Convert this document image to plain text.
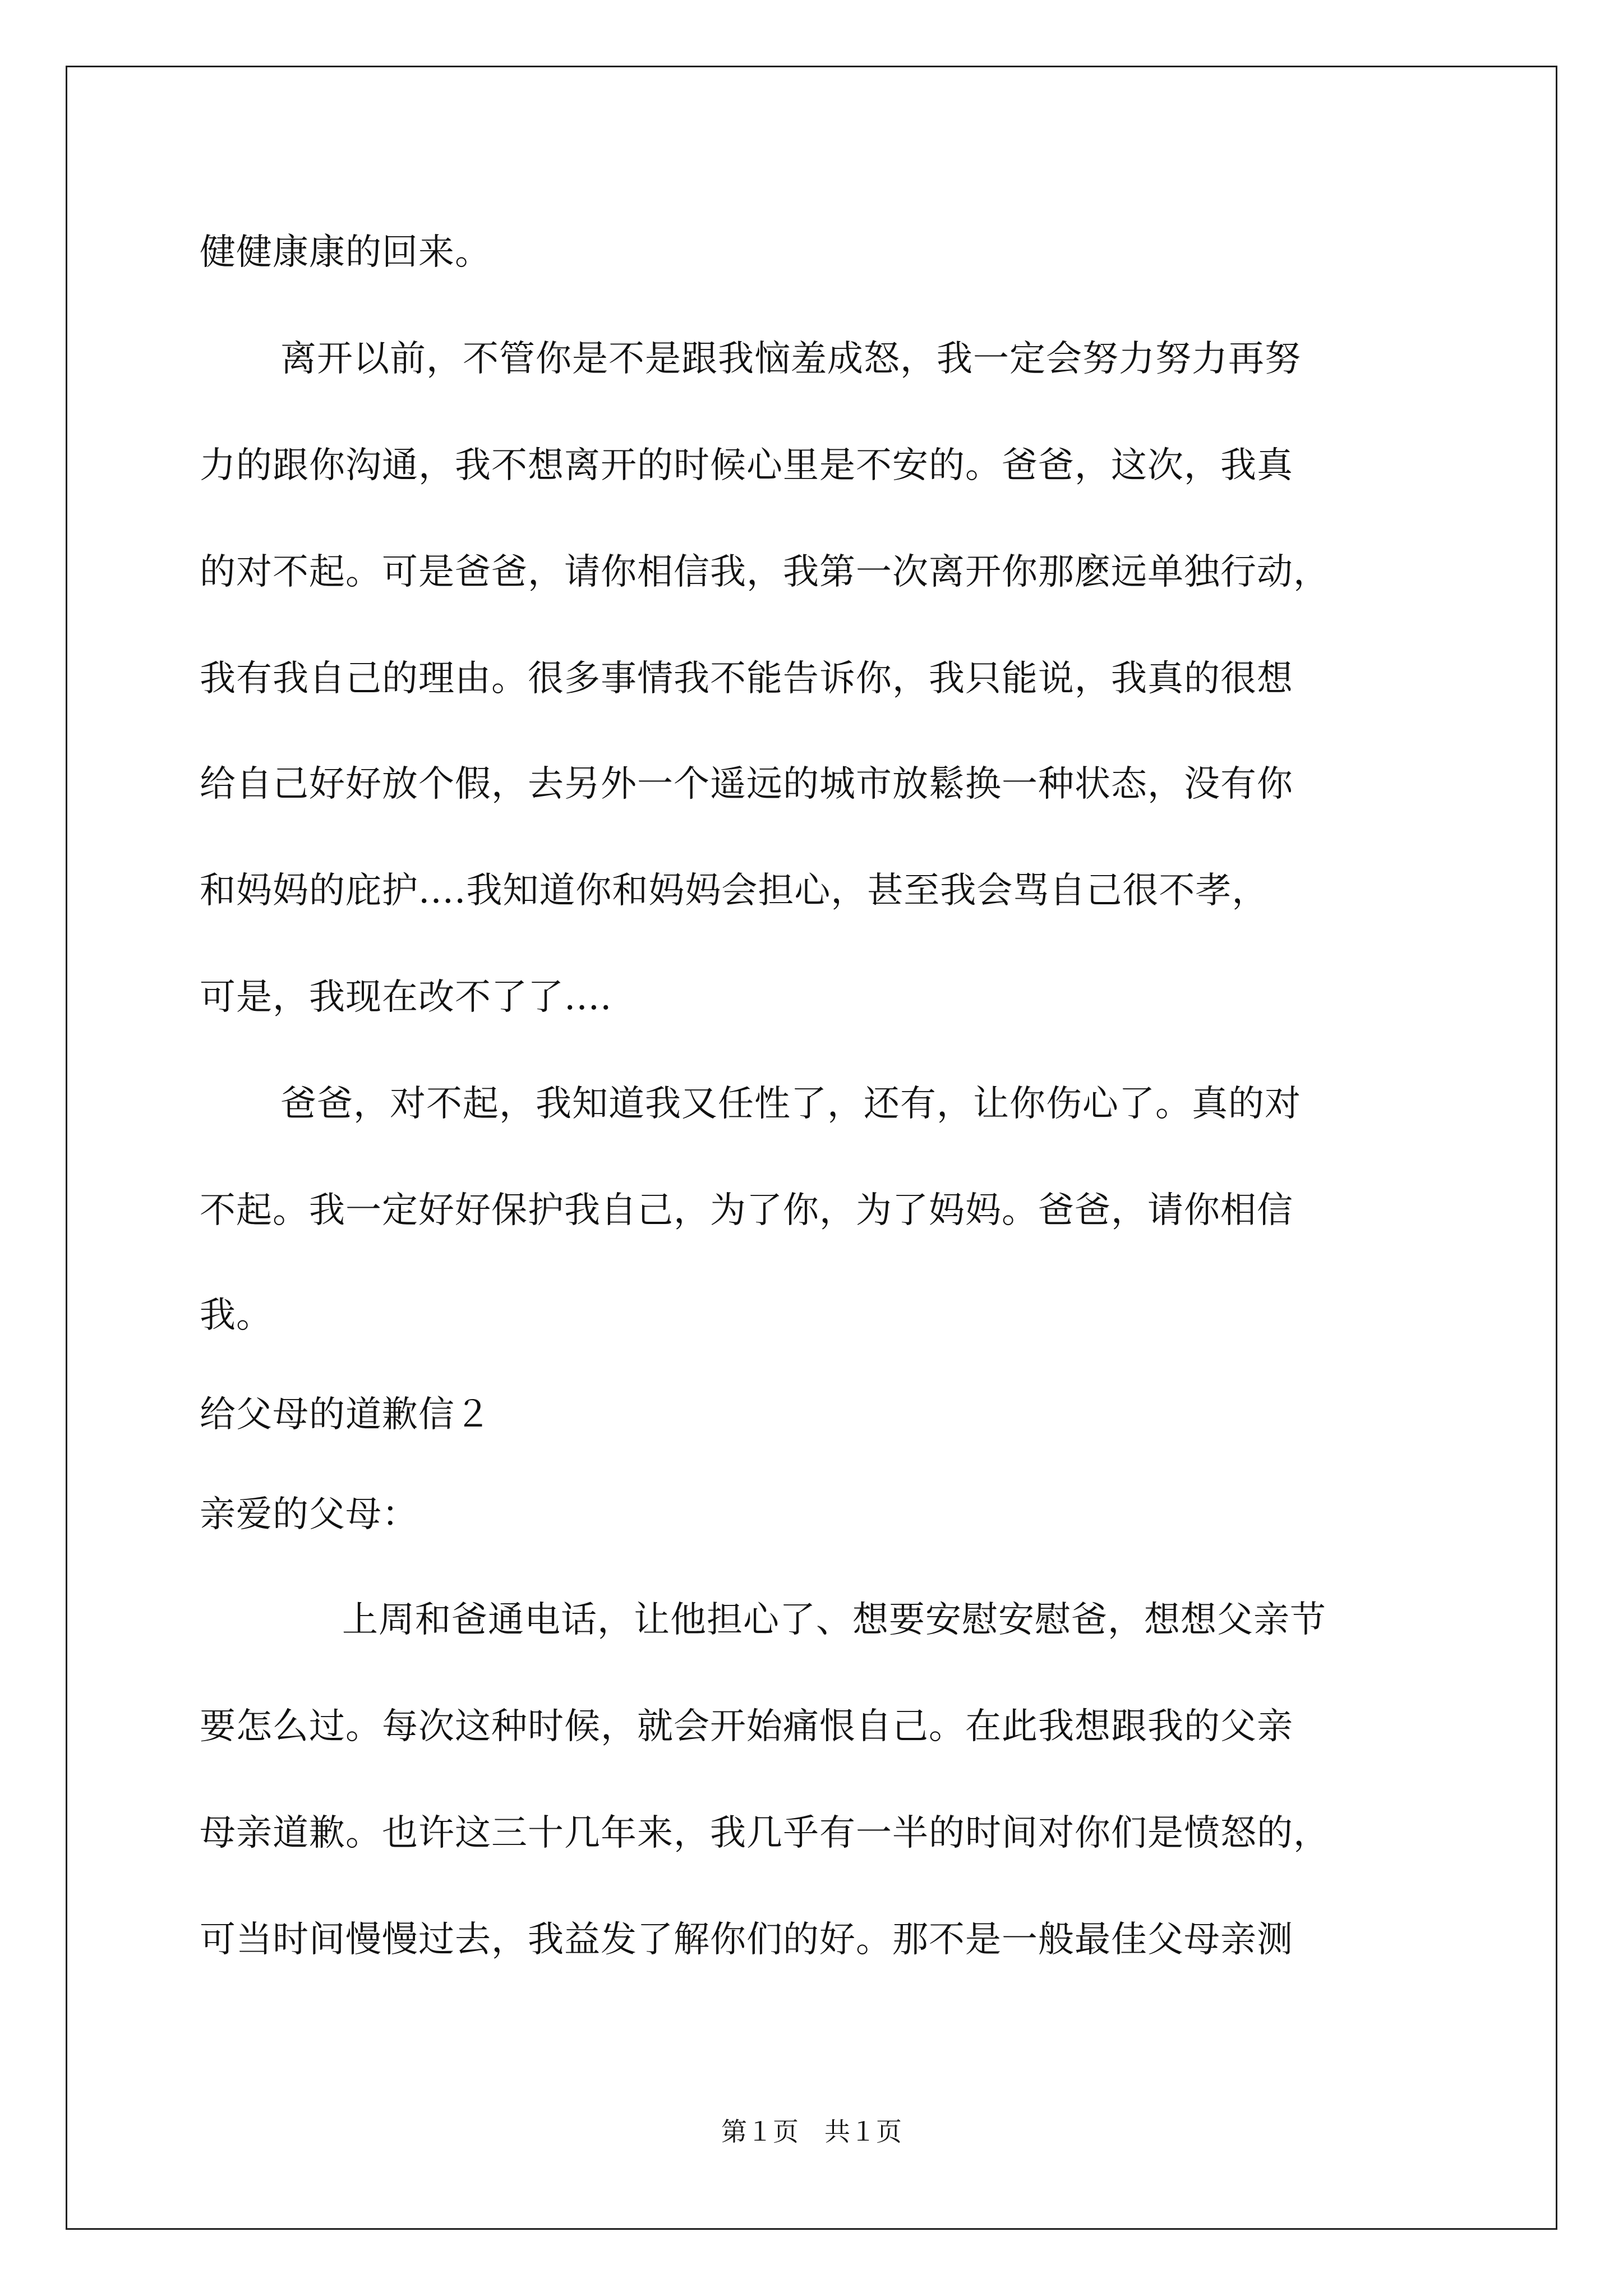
健健康康的回来。
离开以前，不管你是不是跟我恼羞成怒，我一定会努力努力再努
力的跟你沟通，我不想离开的时候心里是不安的。爸爸，这次，我真
的对不起。可是爸爸，请你相信我，我第一次离开你那麽远单独行动，
我有我自己的理由。很多事情我不能告诉你，我只能说，我真的很想
给自己好好放个假，去另外一个遥远的城市放鬆换一种状态，没有你
和妈妈的庇护....我知道你和妈妈会担心，甚至我会骂自己很不孝，
可是，我现在改不了了....
爸爸，对不起，我知道我又任性了，还有，让你伤心了。真的对
不起。我一定好好保护我自己，为了你，为了妈妈。爸爸，请你相信
我。
给父母的道歉信２
亲爱的父母：
上周和爸通电话，让他担心了、想要安慰安慰爸，想想父亲节
要怎么过。每次这种时候，就会开始痛恨自己。在此我想跟我的父亲
母亲道歉。也许这三十几年来，我几乎有一半的时间对你们是愤怒的，
可当时间慢慢过去，我益发了解你们的好。那不是一般最佳父母亲测
第１页　共１页
